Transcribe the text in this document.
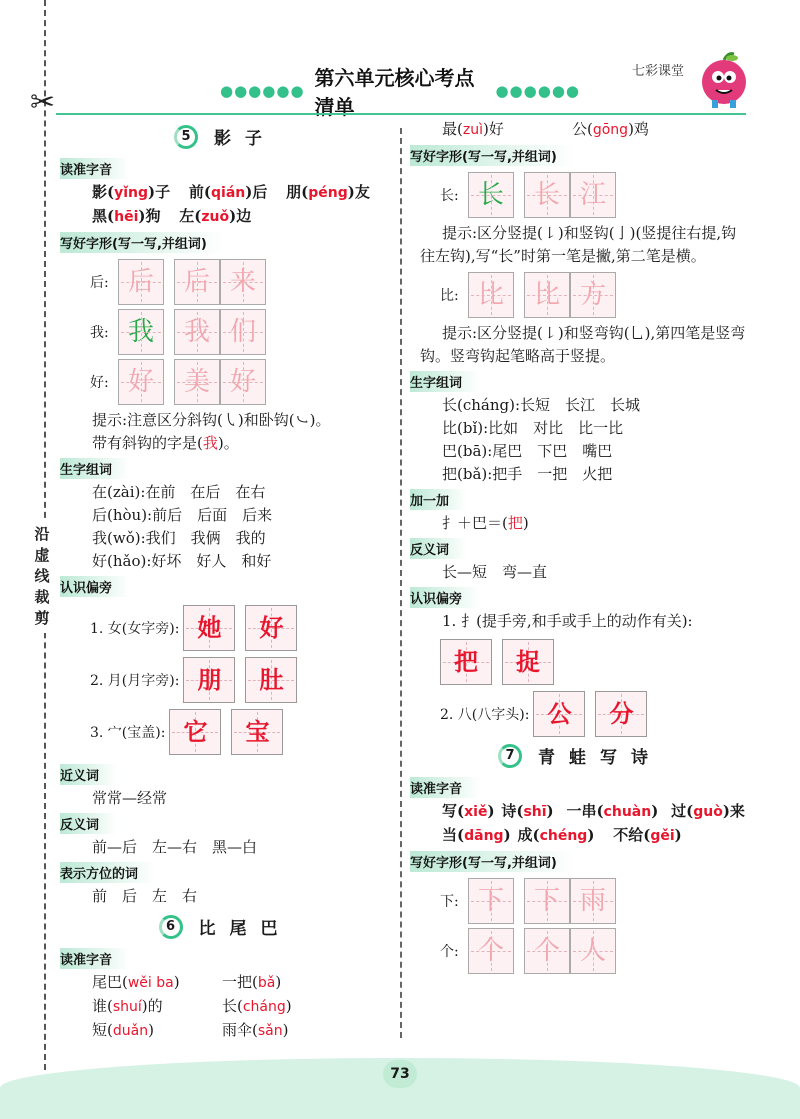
✂
沿
虚
线
裁
剪
●●●●●●
第六单元核心考点清单
●●●●●●
七彩课堂
5	影子
读准字音
影(yǐng)子 前(qián)后 朋(péng)友
黑(hēi)狗 左(zuǒ)边
写好字形(写一写,并组词)
后: 后	后 来
我: 我	我 们
好: 好	美 好
提示:注意区分斜钩(㇂)和卧钩(㇃)。
带有斜钩的字是(我)。
生字组词
在(zài):在前　在后　在右
后(hòu):前后　后面　后来
我(wǒ):我们　我俩　我的
好(hǎo):好坏　好人　和好
认识偏旁
1. 女(女字旁): 她	好
2. 月(月字旁): 朋	肚
3. 宀(宝盖): 它	宝
近义词
常常—经常
反义词
前—后　左—右　黑—白
表示方位的词
前　后　左　右
6	比尾巴
读准字音
尾巴(wěi ba)	一把(bǎ)
谁(shuí)的	长(cháng)
短(duǎn)	雨伞(sǎn)
最(zuì)好	公(gōng)鸡
写好字形(写一写,并组词)
长: 长	长 江
提示:区分竖提(㇙)和竖钩(亅)(竖提往右提,钩往左钩),写“长”时第一笔是撇,第二笔是横。
比: 比	比 方
提示:区分竖提(㇙)和竖弯钩(乚),第四笔是竖弯钩。竖弯钩起笔略高于竖提。
生字组词
长(cháng):长短　长江　长城
比(bǐ):比如　对比　比一比
巴(bā):尾巴　下巴　嘴巴
把(bǎ):把手　一把　火把
加一加
扌＋巴＝(把)
反义词
长—短　弯—直
认识偏旁
1. 扌(提手旁,和手或手上的动作有关):
把	捉
2. 八(八字头): 公	分
7	青蛙写诗
读准字音
写(xiě) 诗(shī) 一串(chuàn) 过(guò)来
当(dāng) 成(chéng) 不给(gěi)
写好字形(写一写,并组词)
下: 下	下 雨
个: 个	个 人
73
